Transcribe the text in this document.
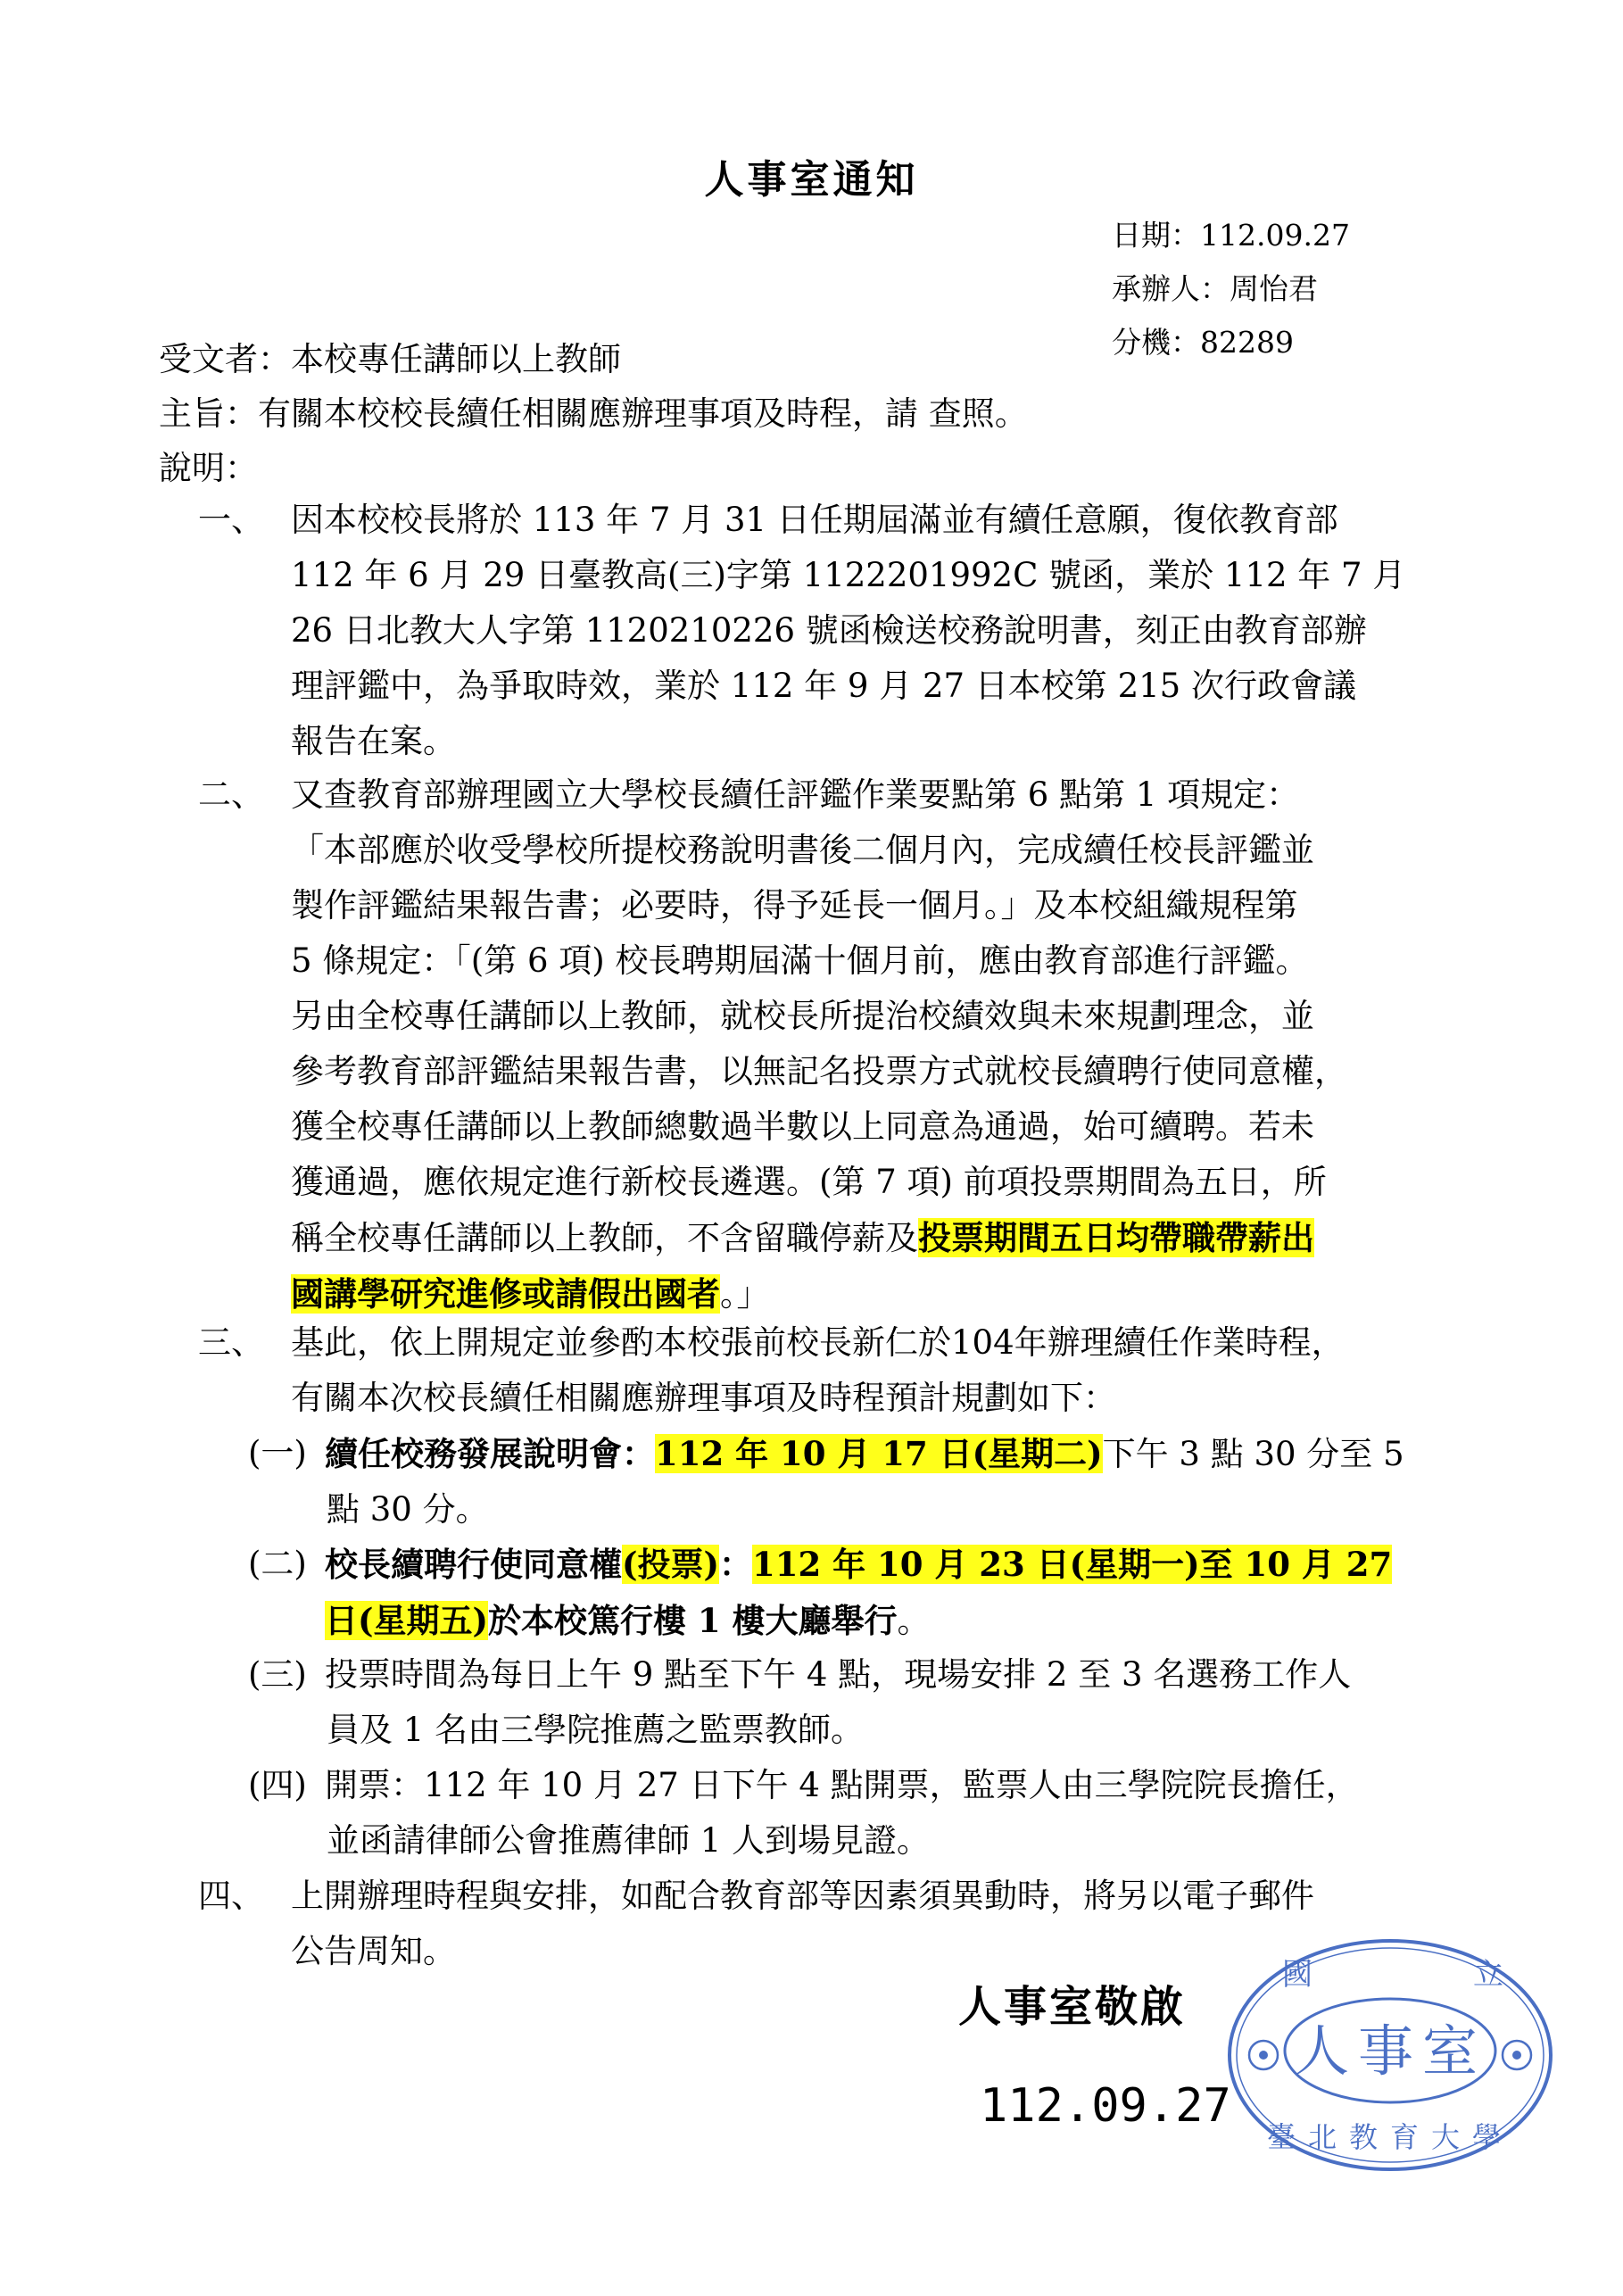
人事室通知
日期：112.09.27
承辦人：周怡君
分機：82289
受文者：本校專任講師以上教師
主旨：有關本校校長續任相關應辦理事項及時程，請 查照。
說明：
一、 因本校校長將於 113 年 7 月 31 日任期屆滿並有續任意願，復依教育部
112 年 6 月 29 日臺教高(三)字第 1122201992C 號函，業於 112 年 7 月
26 日北教大人字第 1120210226 號函檢送校務說明書，刻正由教育部辦
理評鑑中，為爭取時效，業於 112 年 9 月 27 日本校第 215 次行政會議
報告在案。
二、 又查教育部辦理國立大學校長續任評鑑作業要點第 6 點第 1 項規定：
「本部應於收受學校所提校務說明書後二個月內，完成續任校長評鑑並
製作評鑑結果報告書；必要時，得予延長一個月。」及本校組織規程第
5 條規定：「(第 6 項) 校長聘期屆滿十個月前，應由教育部進行評鑑。
另由全校專任講師以上教師，就校長所提治校績效與未來規劃理念，並
參考教育部評鑑結果報告書，以無記名投票方式就校長續聘行使同意權，
獲全校專任講師以上教師總數過半數以上同意為通過，始可續聘。若未
獲通過，應依規定進行新校長遴選。(第 7 項) 前項投票期間為五日，所
稱全校專任講師以上教師，不含留職停薪及投票期間五日均帶職帶薪出
國講學研究進修或請假出國者。」
三、 基此，依上開規定並參酌本校張前校長新仁於104年辦理續任作業時程，
有關本次校長續任相關應辦理事項及時程預計規劃如下：
(一) 續任校務發展說明會：112 年 10 月 17 日(星期二)下午 3 點 30 分至 5
點 30 分。
(二) 校長續聘行使同意權(投票)：112 年 10 月 23 日(星期一)至 10 月 27
日(星期五)於本校篤行樓 1 樓大廳舉行。
(三) 投票時間為每日上午 9 點至下午 4 點，現場安排 2 至 3 名選務工作人
員及 1 名由三學院推薦之監票教師。
(四) 開票：112 年 10 月 27 日下午 4 點開票，監票人由三學院院長擔任，
並函請律師公會推薦律師 1 人到場見證。
四、 上開辦理時程與安排，如配合教育部等因素須異動時，將另以電子郵件
公告周知。
人事室敬啟
112.09.27
人事室
國	立
臺北教育大學
